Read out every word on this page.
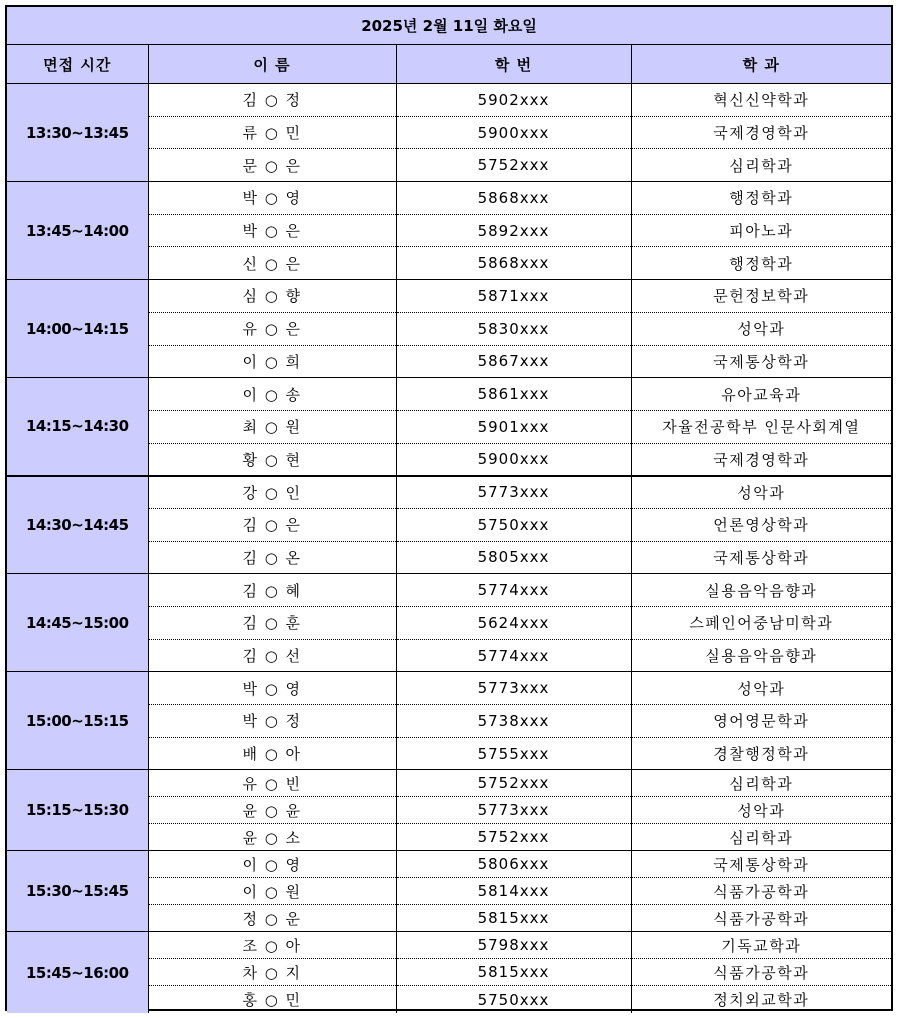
2025년 2월 11일 화요일			
면접 시간	이 름	학 번	학 과
13:30~13:45	김 ○ 정	5902xxx	혁신신약학과
	류 ○ 민	5900xxx	국제경영학과
	문 ○ 은	5752xxx	심리학과
13:45~14:00	박 ○ 영	5868xxx	행정학과
	박 ○ 은	5892xxx	피아노과
	신 ○ 은	5868xxx	행정학과
14:00~14:15	심 ○ 향	5871xxx	문헌정보학과
	유 ○ 은	5830xxx	성악과
	이 ○ 희	5867xxx	국제통상학과
14:15~14:30	이 ○ 송	5861xxx	유아교육과
	최 ○ 원	5901xxx	자율전공학부 인문사회계열
	황 ○ 현	5900xxx	국제경영학과
14:30~14:45	강 ○ 인	5773xxx	성악과
	김 ○ 은	5750xxx	언론영상학과
	김 ○ 온	5805xxx	국제통상학과
14:45~15:00	김 ○ 혜	5774xxx	실용음악음향과
	김 ○ 훈	5624xxx	스페인어중남미학과
	김 ○ 선	5774xxx	실용음악음향과
15:00~15:15	박 ○ 영	5773xxx	성악과
	박 ○ 정	5738xxx	영어영문학과
	배 ○ 아	5755xxx	경찰행정학과
15:15~15:30	유 ○ 빈	5752xxx	심리학과
	윤 ○ 윤	5773xxx	성악과
	윤 ○ 소	5752xxx	심리학과
15:30~15:45	이 ○ 영	5806xxx	국제통상학과
	이 ○ 원	5814xxx	식품가공학과
	정 ○ 운	5815xxx	식품가공학과
15:45~16:00	조 ○ 아	5798xxx	기독교학과
	차 ○ 지	5815xxx	식품가공학과
	홍 ○ 민	5750xxx	정치외교학과
